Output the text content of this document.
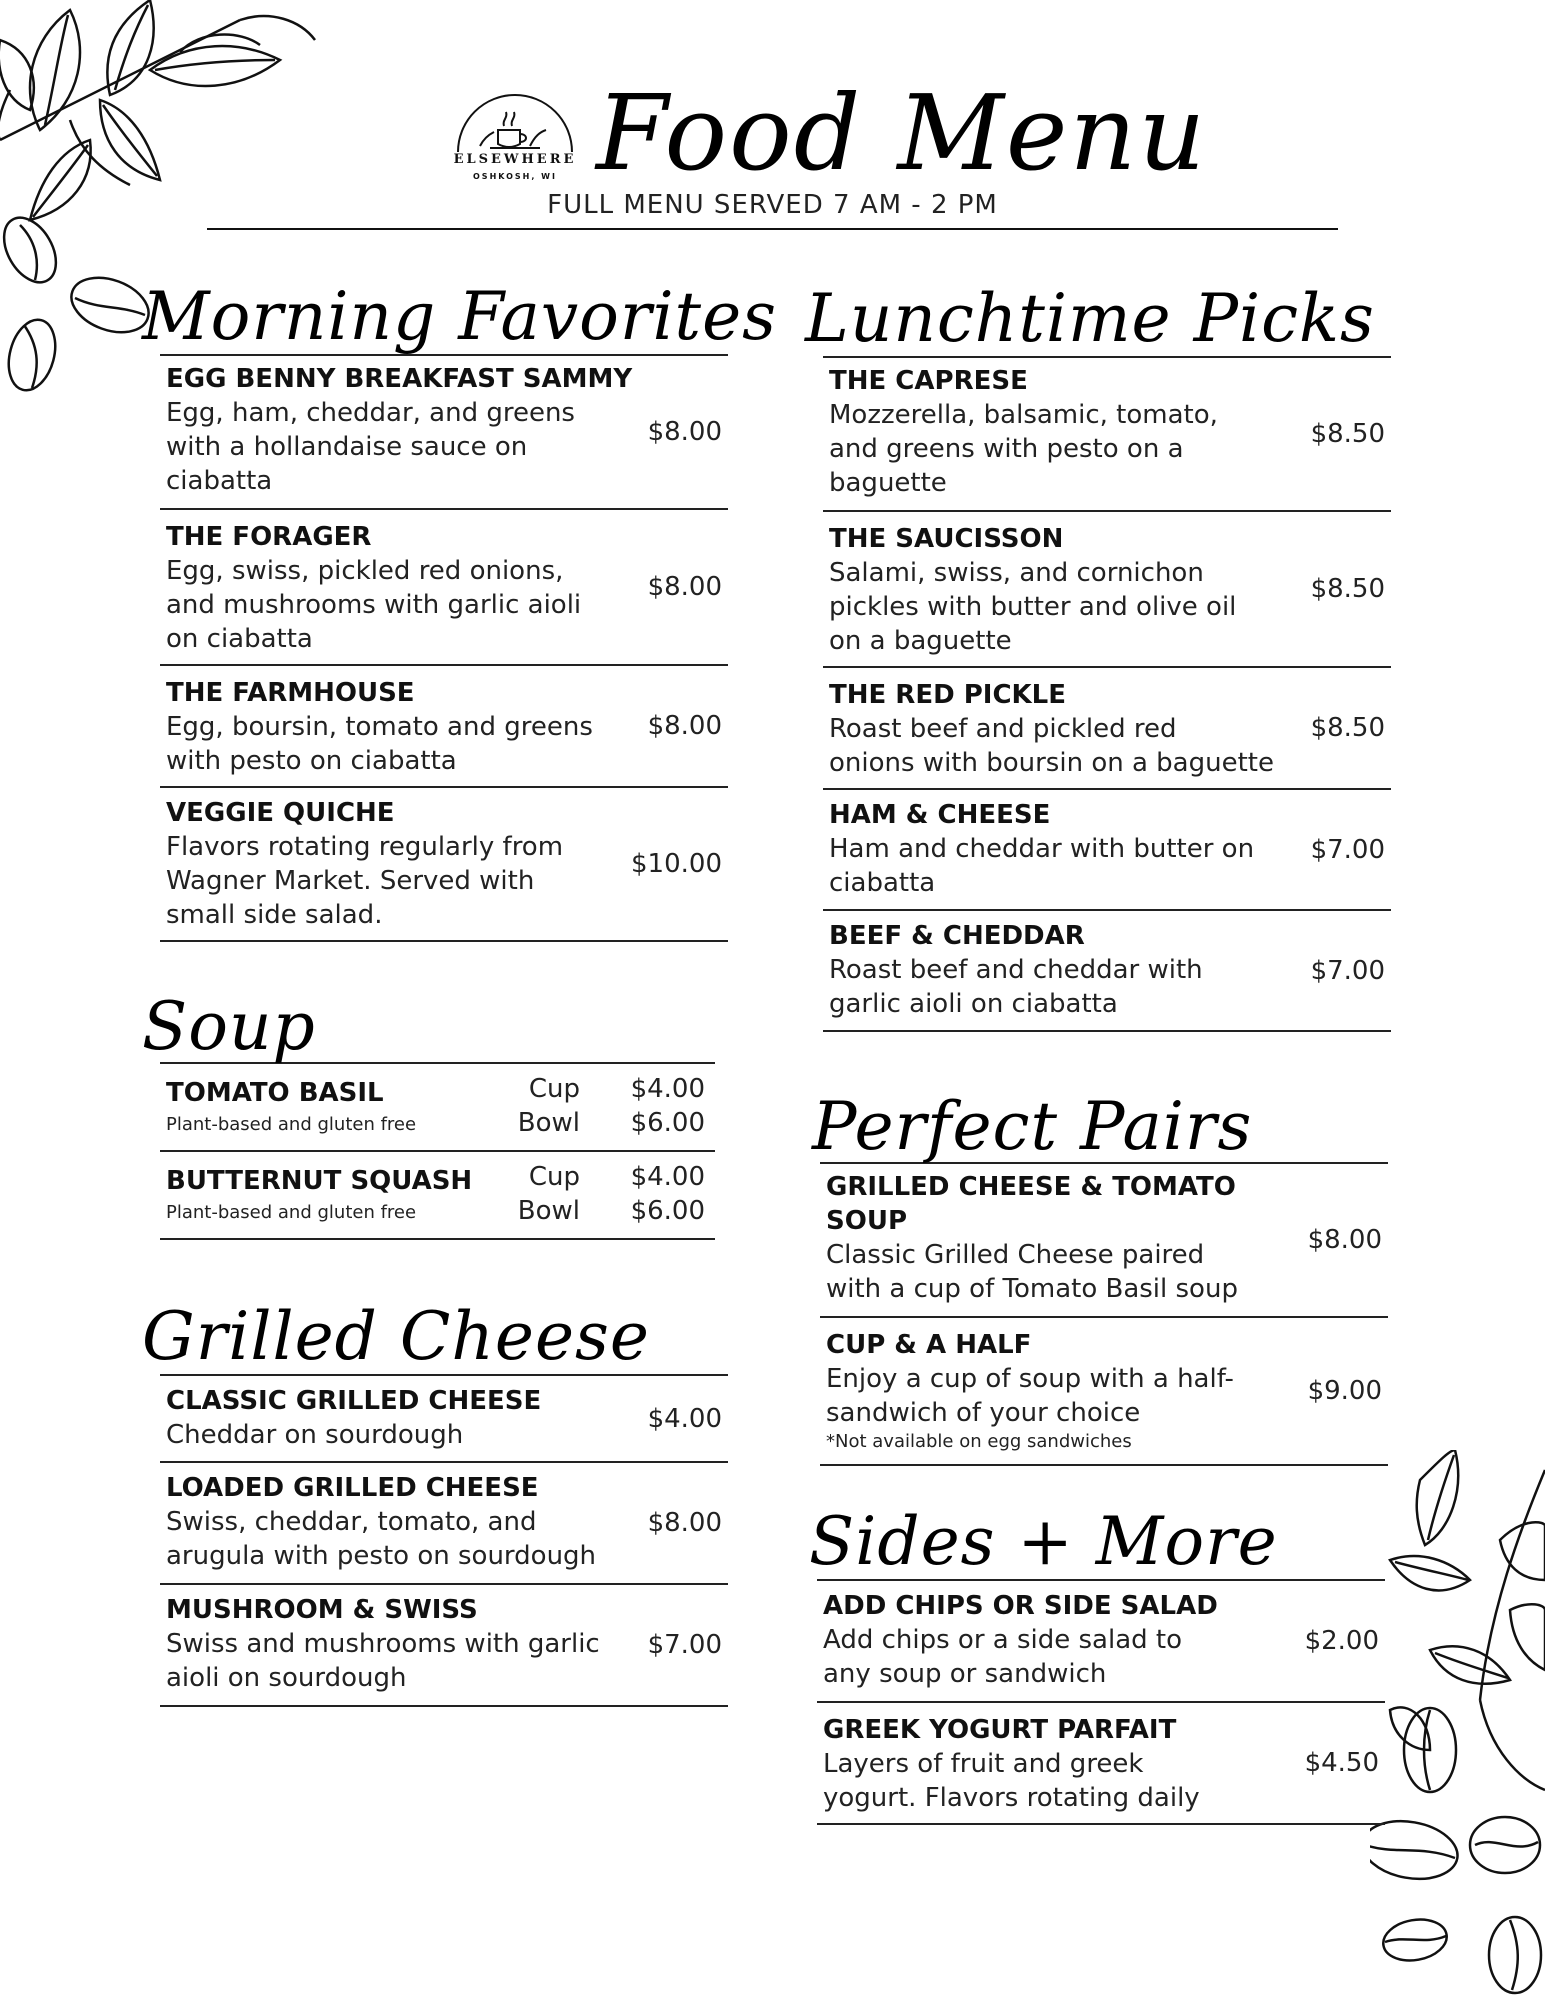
ELSEWHERE
OSHKOSH, WI Food Menu
FULL MENU SERVED 7 AM - 2 PM
Morning Favorites
EGG BENNY BREAKFAST SAMMY
Egg, ham, cheddar, and greens
with a hollandaise sauce on
ciabatta
$8.00
THE FORAGER
Egg, swiss, pickled red onions,
and mushrooms with garlic aioli
on ciabatta
$8.00
THE FARMHOUSE
Egg, boursin, tomato and greens
with pesto on ciabatta
$8.00
VEGGIE QUICHE
Flavors rotating regularly from
Wagner Market. Served with
small side salad.
$10.00
Soup
TOMATO BASIL
Plant-based and gluten free
Cup	$4.00
Bowl	$6.00
BUTTERNUT SQUASH
Plant-based and gluten free
Cup	$4.00
Bowl	$6.00
Grilled Cheese
CLASSIC GRILLED CHEESE
Cheddar on sourdough
$4.00
LOADED GRILLED CHEESE
Swiss, cheddar, tomato, and
arugula with pesto on sourdough
$8.00
MUSHROOM & SWISS
Swiss and mushrooms with garlic
aioli on sourdough
$7.00
Lunchtime Picks
THE CAPRESE
Mozzerella, balsamic, tomato,
and greens with pesto on a
baguette
$8.50
THE SAUCISSON
Salami, swiss, and cornichon
pickles with butter and olive oil
on a baguette
$8.50
THE RED PICKLE
Roast beef and pickled red
onions with boursin on a baguette
$8.50
HAM & CHEESE
Ham and cheddar with butter on
ciabatta
$7.00
BEEF & CHEDDAR
Roast beef and cheddar with
garlic aioli on ciabatta
$7.00
Perfect Pairs
GRILLED CHEESE & TOMATO
SOUP
Classic Grilled Cheese paired
with a cup of Tomato Basil soup
$8.00
CUP & A HALF
Enjoy a cup of soup with a half-
sandwich of your choice
*Not available on egg sandwiches
$9.00
Sides + More
ADD CHIPS OR SIDE SALAD
Add chips or a side salad to
any soup or sandwich
$2.00
GREEK YOGURT PARFAIT
Layers of fruit and greek
yogurt. Flavors rotating daily
$4.50
